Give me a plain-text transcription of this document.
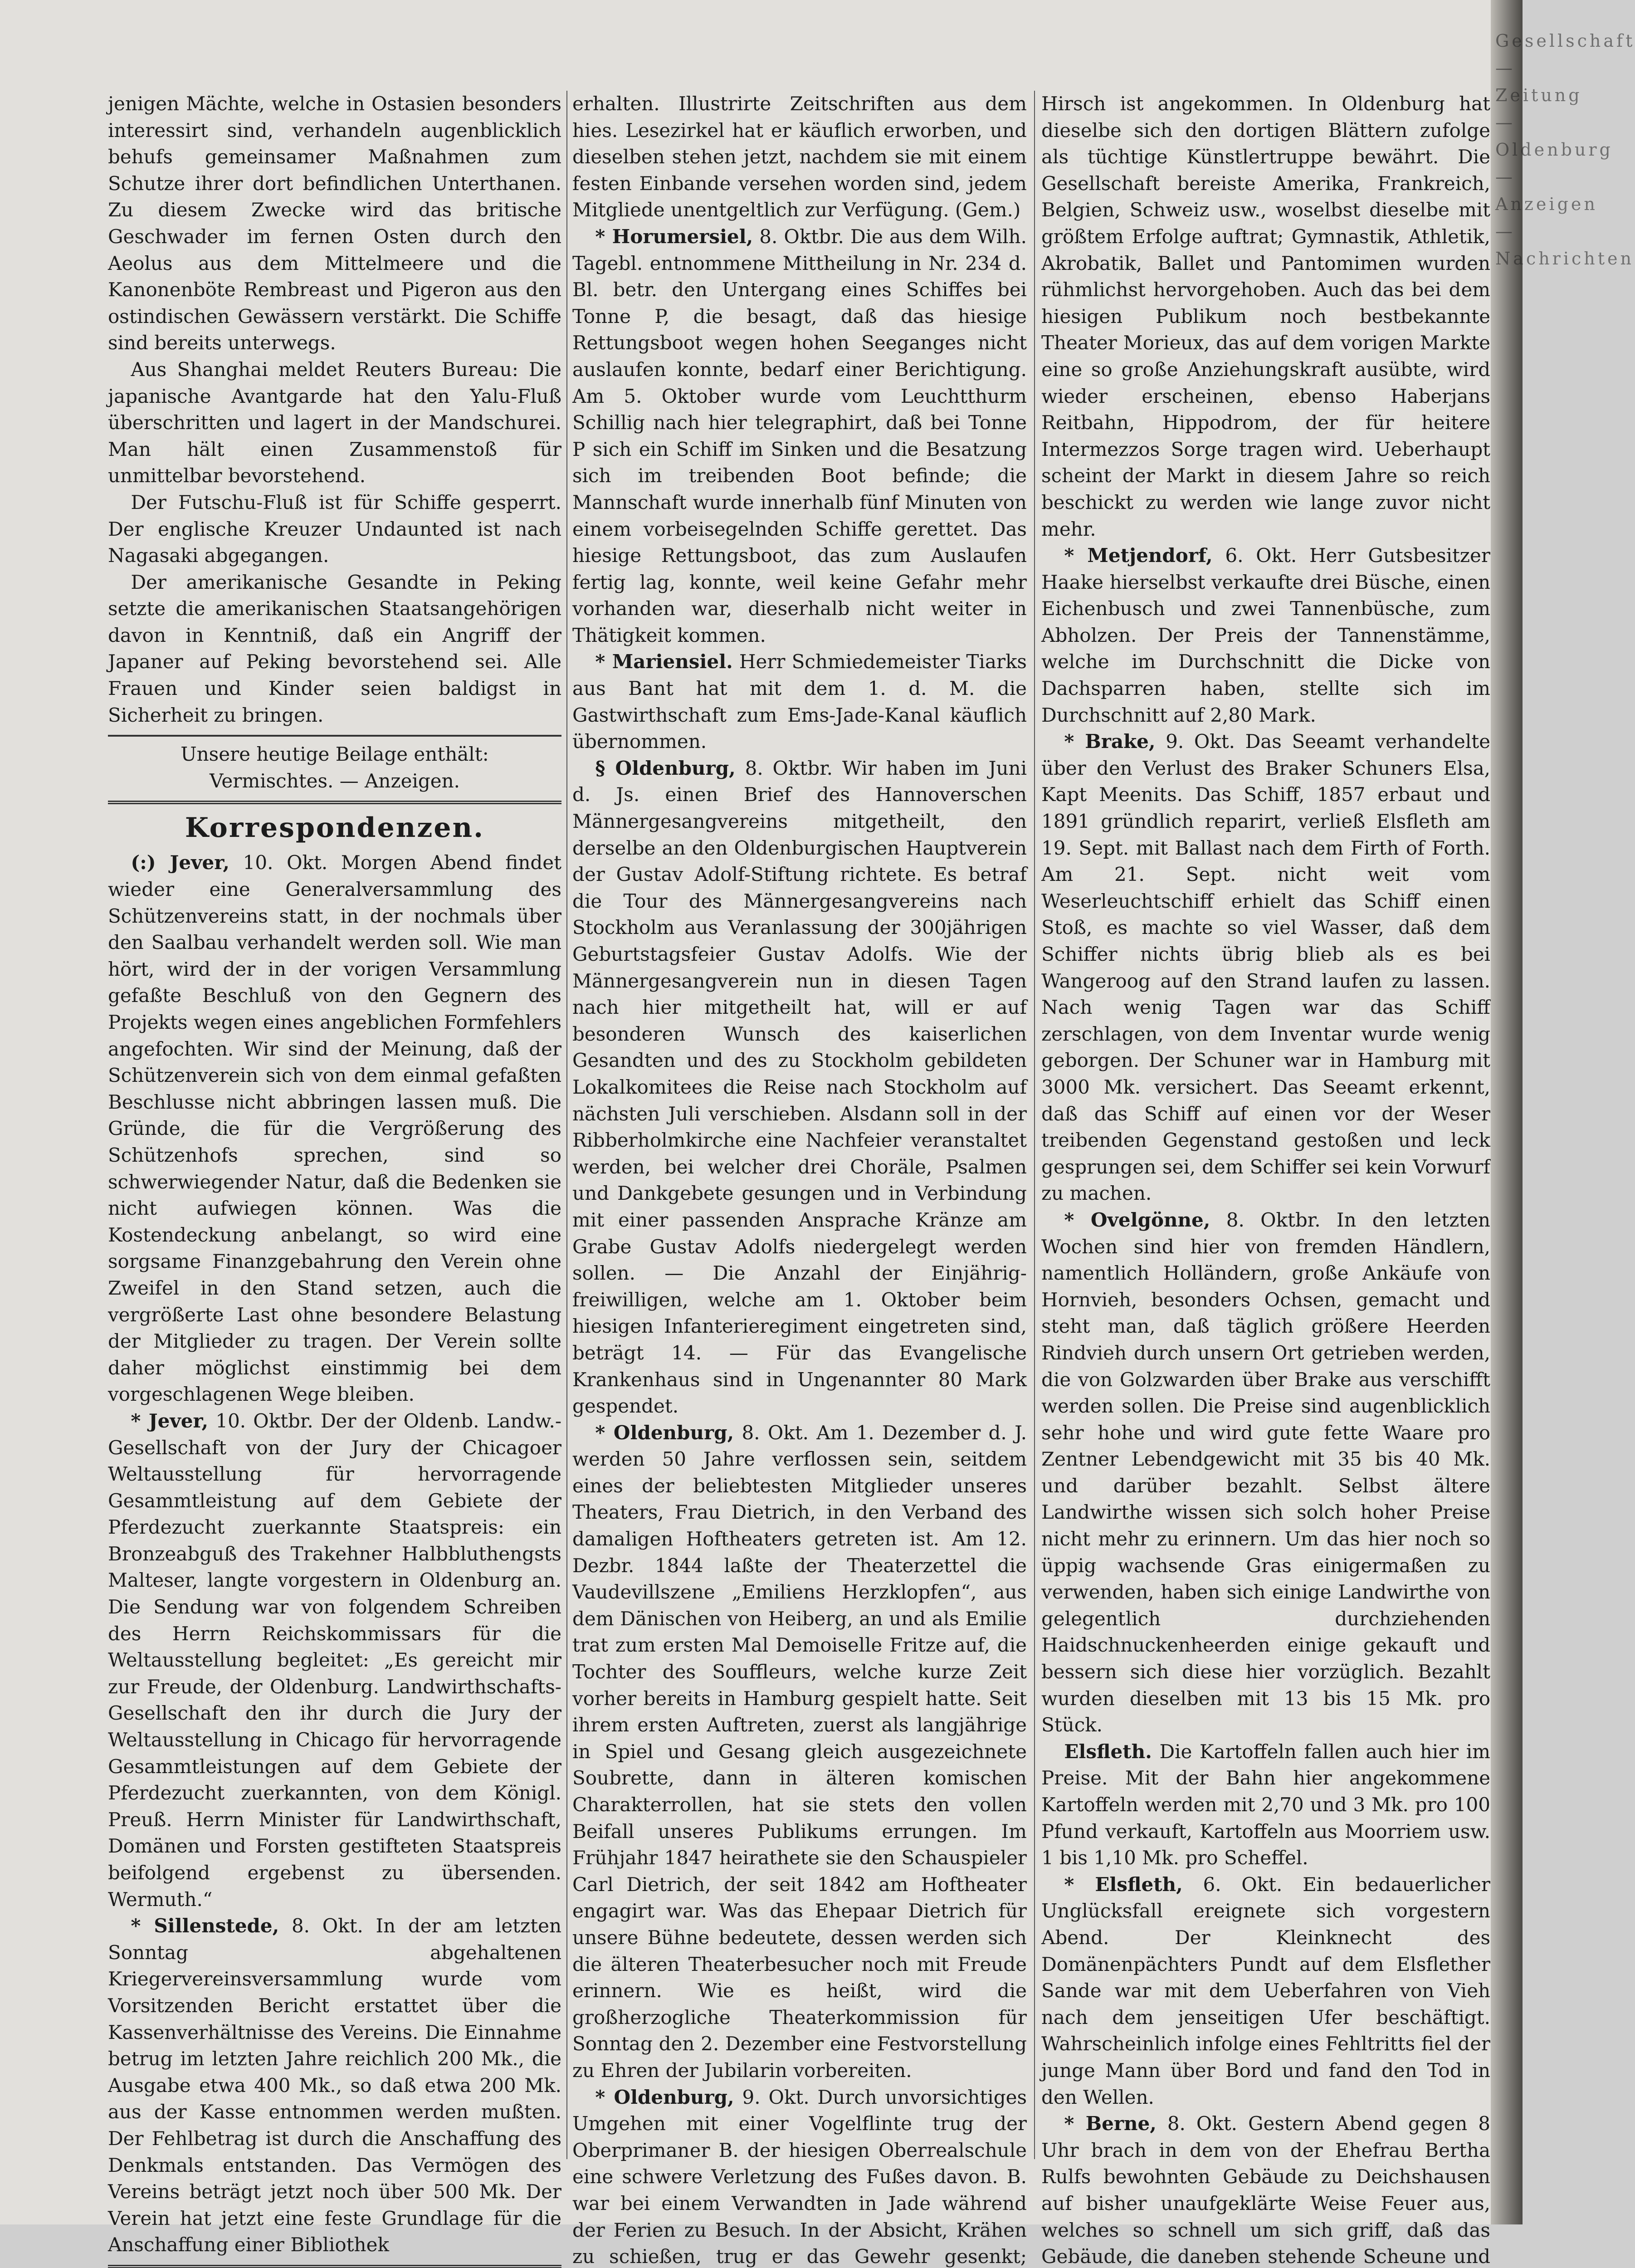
jenigen Mächte, welche in Ostasien besonders interessirt sind, verhandeln augenblicklich behufs gemeinsamer Maßnahmen zum Schutze ihrer dort befindlichen Unterthanen. Zu diesem Zwecke wird das britische Geschwader im fernen Osten durch den Aeolus aus dem Mittelmeere und die Kanonenböte Rembreast und Pigeron aus den ostindischen Gewässern verstärkt. Die Schiffe sind bereits unterwegs.

Aus Shanghai meldet Reuters Bureau: Die japanische Avantgarde hat den Yalu-Fluß überschritten und lagert in der Mandschurei. Man hält einen Zusammenstoß für unmittelbar bevorstehend.

Der Futschu-Fluß ist für Schiffe gesperrt. Der englische Kreuzer Undaunted ist nach Nagasaki abgegangen.

Der amerikanische Gesandte in Peking setzte die amerikanischen Staatsangehörigen davon in Kenntniß, daß ein Angriff der Japaner auf Peking bevorstehend sei. Alle Frauen und Kinder seien baldigst in Sicherheit zu bringen.

Unsere heutige Beilage enthält:

Vermischtes. — Anzeigen.

Korrespondenzen.

(:) Jever, 10. Okt. Morgen Abend findet wieder eine Generalversammlung des Schützenvereins statt, in der nochmals über den Saalbau verhandelt werden soll. Wie man hört, wird der in der vorigen Versammlung gefaßte Beschluß von den Gegnern des Projekts wegen eines angeblichen Formfehlers angefochten. Wir sind der Meinung, daß der Schützenverein sich von dem einmal gefaßten Beschlusse nicht abbringen lassen muß. Die Gründe, die für die Vergrößerung des Schützenhofs sprechen, sind so schwerwiegender Natur, daß die Bedenken sie nicht aufwiegen können. Was die Kostendeckung anbelangt, so wird eine sorgsame Finanzgebahrung den Verein ohne Zweifel in den Stand setzen, auch die vergrößerte Last ohne besondere Belastung der Mitglieder zu tragen. Der Verein sollte daher möglichst einstimmig bei dem vorgeschlagenen Wege bleiben.

* Jever, 10. Oktbr. Der der Oldenb. Landw.-Gesellschaft von der Jury der Chicagoer Weltausstellung für hervorragende Gesammtleistung auf dem Gebiete der Pferdezucht zuerkannte Staatspreis: ein Bronzeabguß des Trakehner Halbbluthengsts Malteser, langte vorgestern in Oldenburg an. Die Sendung war von folgendem Schreiben des Herrn Reichskommissars für die Weltausstellung begleitet: „Es gereicht mir zur Freude, der Oldenburg. Landwirthschafts-Gesellschaft den ihr durch die Jury der Weltausstellung in Chicago für hervorragende Gesammtleistungen auf dem Gebiete der Pferdezucht zuerkannten, von dem Königl. Preuß. Herrn Minister für Landwirthschaft, Domänen und Forsten gestifteten Staatspreis beifolgend ergebenst zu übersenden. Wermuth.“

* Sillenstede, 8. Okt. In der am letzten Sonntag abgehaltenen Kriegervereinsversammlung wurde vom Vorsitzenden Bericht erstattet über die Kassenverhältnisse des Vereins. Die Einnahme betrug im letzten Jahre reichlich 200 Mk., die Ausgabe etwa 400 Mk., so daß etwa 200 Mk. aus der Kasse entnommen werden mußten. Der Fehlbetrag ist durch die Anschaffung des Denkmals entstanden. Das Vermögen des Vereins beträgt jetzt noch über 500 Mk. Der Verein hat jetzt eine feste Grundlage für die Anschaffung einer Bibliothek

erhalten. Illustrirte Zeitschriften aus dem hies. Lesezirkel hat er käuflich erworben, und dieselben stehen jetzt, nachdem sie mit einem festen Einbande versehen worden sind, jedem Mitgliede unentgeltlich zur Verfügung. (Gem.)

* Horumersiel, 8. Oktbr. Die aus dem Wilh. Tagebl. entnommene Mittheilung in Nr. 234 d. Bl. betr. den Untergang eines Schiffes bei Tonne P, die besagt, daß das hiesige Rettungsboot wegen hohen Seeganges nicht auslaufen konnte, bedarf einer Berichtigung. Am 5. Oktober wurde vom Leuchtthurm Schillig nach hier telegraphirt, daß bei Tonne P sich ein Schiff im Sinken und die Besatzung sich im treibenden Boot befinde; die Mannschaft wurde innerhalb fünf Minuten von einem vorbeisegelnden Schiffe gerettet. Das hiesige Rettungsboot, das zum Auslaufen fertig lag, konnte, weil keine Gefahr mehr vorhanden war, dieserhalb nicht weiter in Thätigkeit kommen.

* Mariensiel. Herr Schmiedemeister Tiarks aus Bant hat mit dem 1. d. M. die Gastwirthschaft zum Ems-Jade-Kanal käuflich übernommen.

§ Oldenburg, 8. Oktbr. Wir haben im Juni d. Js. einen Brief des Hannoverschen Männergesangvereins mitgetheilt, den derselbe an den Oldenburgischen Hauptverein der Gustav Adolf-Stiftung richtete. Es betraf die Tour des Männergesangvereins nach Stockholm aus Veranlassung der 300jährigen Geburtstagsfeier Gustav Adolfs. Wie der Männergesangverein nun in diesen Tagen nach hier mitgetheilt hat, will er auf besonderen Wunsch des kaiserlichen Gesandten und des zu Stockholm gebildeten Lokalkomitees die Reise nach Stockholm auf nächsten Juli verschieben. Alsdann soll in der Ribberholmkirche eine Nachfeier veranstaltet werden, bei welcher drei Choräle, Psalmen und Dankgebete gesungen und in Verbindung mit einer passenden Ansprache Kränze am Grabe Gustav Adolfs niedergelegt werden sollen. — Die Anzahl der Einjährig-freiwilligen, welche am 1. Oktober beim hiesigen Infanterieregiment eingetreten sind, beträgt 14. — Für das Evangelische Krankenhaus sind in Ungenannter 80 Mark gespendet.

* Oldenburg, 8. Okt. Am 1. Dezember d. J. werden 50 Jahre verflossen sein, seitdem eines der beliebtesten Mitglieder unseres Theaters, Frau Dietrich, in den Verband des damaligen Hoftheaters getreten ist. Am 12. Dezbr. 1844 laßte der Theaterzettel die Vaudevillszene „Emiliens Herzklopfen“, aus dem Dänischen von Heiberg, an und als Emilie trat zum ersten Mal Demoiselle Fritze auf, die Tochter des Souffleurs, welche kurze Zeit vorher bereits in Hamburg gespielt hatte. Seit ihrem ersten Auftreten, zuerst als langjährige in Spiel und Gesang gleich ausgezeichnete Soubrette, dann in älteren komischen Charakterrollen, hat sie stets den vollen Beifall unseres Publikums errungen. Im Frühjahr 1847 heirathete sie den Schauspieler Carl Dietrich, der seit 1842 am Hoftheater engagirt war. Was das Ehepaar Dietrich für unsere Bühne bedeutete, dessen werden sich die älteren Theaterbesucher noch mit Freude erinnern. Wie es heißt, wird die großherzogliche Theaterkommission für Sonntag den 2. Dezember eine Festvorstellung zu Ehren der Jubilarin vorbereiten.

* Oldenburg, 9. Okt. Durch unvorsichtiges Umgehen mit einer Vogelflinte trug der Oberprimaner B. der hiesigen Oberrealschule eine schwere Verletzung des Fußes davon. B. war bei einem Verwandten in Jade während der Ferien zu Besuch. In der Absicht, Krähen zu schießen, trug er das Gewehr gesenkt;

Hirsch ist angekommen. In Oldenburg hat dieselbe sich den dortigen Blättern zufolge als tüchtige Künstlertruppe bewährt. Die Gesellschaft bereiste Amerika, Frankreich, Belgien, Schweiz usw., woselbst dieselbe mit größtem Erfolge auftrat; Gymnastik, Athletik, Akrobatik, Ballet und Pantomimen wurden rühmlichst hervorgehoben. Auch das bei dem hiesigen Publikum noch bestbekannte Theater Morieux, das auf dem vorigen Markte eine so große Anziehungskraft ausübte, wird wieder erscheinen, ebenso Haberjans Reitbahn, Hippodrom, der für heitere Intermezzos Sorge tragen wird. Ueberhaupt scheint der Markt in diesem Jahre so reich beschickt zu werden wie lange zuvor nicht mehr.

* Metjendorf, 6. Okt. Herr Gutsbesitzer Haake hierselbst verkaufte drei Büsche, einen Eichenbusch und zwei Tannenbüsche, zum Abholzen. Der Preis der Tannenstämme, welche im Durchschnitt die Dicke von Dachsparren haben, stellte sich im Durchschnitt auf 2,80 Mark.

* Brake, 9. Okt. Das Seeamt verhandelte über den Verlust des Braker Schuners Elsa, Kapt Meenits. Das Schiff, 1857 erbaut und 1891 gründlich reparirt, verließ Elsfleth am 19. Sept. mit Ballast nach dem Firth of Forth. Am 21. Sept. nicht weit vom Weserleuchtschiff erhielt das Schiff einen Stoß, es machte so viel Wasser, daß dem Schiffer nichts übrig blieb als es bei Wangeroog auf den Strand laufen zu lassen. Nach wenig Tagen war das Schiff zerschlagen, von dem Inventar wurde wenig geborgen. Der Schuner war in Hamburg mit 3000 Mk. versichert. Das Seeamt erkennt, daß das Schiff auf einen vor der Weser treibenden Gegenstand gestoßen und leck gesprungen sei, dem Schiffer sei kein Vorwurf zu machen.

* Ovelgönne, 8. Oktbr. In den letzten Wochen sind hier von fremden Händlern, namentlich Holländern, große Ankäufe von Hornvieh, besonders Ochsen, gemacht und steht man, daß täglich größere Heerden Rindvieh durch unsern Ort getrieben werden, die von Golzwarden über Brake aus verschifft werden sollen. Die Preise sind augenblicklich sehr hohe und wird gute fette Waare pro Zentner Lebendgewicht mit 35 bis 40 Mk. und darüber bezahlt. Selbst ältere Landwirthe wissen sich solch hoher Preise nicht mehr zu erinnern. Um das hier noch so üppig wachsende Gras einigermaßen zu verwenden, haben sich einige Landwirthe von gelegentlich durchziehenden Haidschnuckenheerden einige gekauft und bessern sich diese hier vorzüglich. Bezahlt wurden dieselben mit 13 bis 15 Mk. pro Stück.

Elsfleth. Die Kartoffeln fallen auch hier im Preise. Mit der Bahn hier angekommene Kartoffeln werden mit 2,70 und 3 Mk. pro 100 Pfund verkauft, Kartoffeln aus Moorriem usw. 1 bis 1,10 Mk. pro Scheffel.

* Elsfleth, 6. Okt. Ein bedauerlicher Unglücksfall ereignete sich vorgestern Abend. Der Kleinknecht des Domänenpächters Pundt auf dem Elsflether Sande war mit dem Ueberfahren von Vieh nach dem jenseitigen Ufer beschäftigt. Wahrscheinlich infolge eines Fehltritts fiel der junge Mann über Bord und fand den Tod in den Wellen.

* Berne, 8. Okt. Gestern Abend gegen 8 Uhr brach in dem von der Ehefrau Bertha Rulfs bewohnten Gebäude zu Deichshausen auf bisher unaufgeklärte Weise Feuer aus, welches so schnell um sich griff, daß das Gebäude, die daneben stehende Scheune und

Gesellschaft — Zeitung — Oldenburg — Anzeigen — Nachrichten
